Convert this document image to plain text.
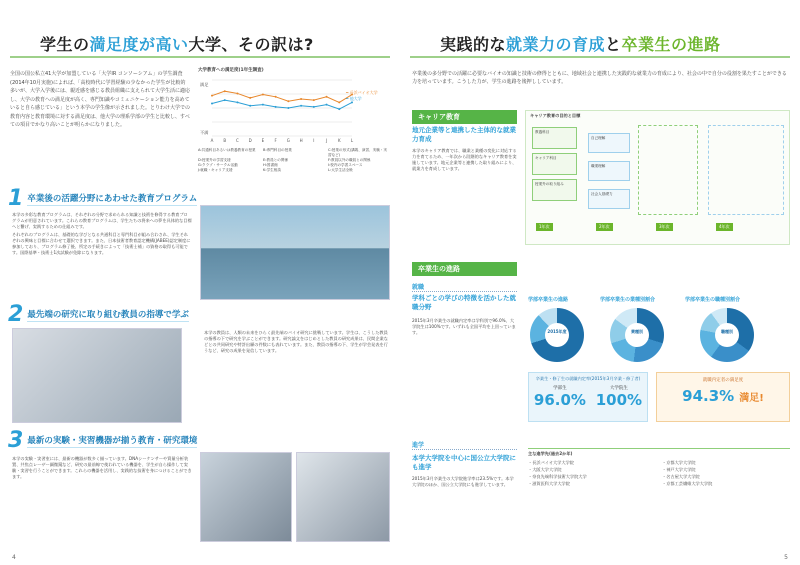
学生の満足度が高い大学、その訳は?
全国の国公私立41大学が加盟している「大学IR コンソーシアム」の学生調査(2014年10月実施)によれば、「高校時代に学習経験の少なかった学生が比較的多いが、大学入学後には、親近感を感じる教員組織に支えられて大学生活に適応し、大学の教育への満足度が高く、専門知識やコミュニケーション能力を高めていると自ら感じている」という本学の学生像が示されました。とりわけ大学での教育内容と教育環境に対する満足度は、他大学の理系学部の学生と比較し、すべての項目でかなり高いことが明らかになりました。
大学教育への満足度(1年生調査)
A B C D E	F	G H	I	J	K	L
満足
不満
━ 長浜バイオ大学
━ 他大学
A:共通科目あるいは教養教育の授業	B:専門科目の授業	C:授業の形式(講義、演習、実験・実習など)
D:授業外の学習支援	E:教員との関係	F:教員以外の職員との関係
G:クラブ・サークル活動	H:図書館	I:校内の学習スペース
J:就職・キャリア支援	K:学生相談	L:大学生活全般
1 卒業後の活躍分野にあわせた教育プログラム

本学の多彩な教育プログラムは、それぞれの分野で求められる知識と技術を修得する教育プログラムが用意されています。これらの教育プログラムは、学生たちの将来への夢を具体的な目標へと繋げ、実践するための仕組みです。

それぞれのプログラムは、基礎的な学びとなる共通科目と専門科目が組み合わされ、学生それぞれの興味と目標に合わせて選択できます。また、日本技術者教育認定機構(JABEE)認定制度に参加しており、プログラム修了後、所定の手続きによって「技術士補」の資格の取得も可能です。国際基準・技術士1次試験が免除になります。

2 最先端の研究に取り組む教員の指導で学ぶ
本学の教員は、人類の未来をひらく最先端のバイオ研究に挑戦しています。学生は、こうした教員の指導の下で研究を学ぶことができます。研究論文をはじめとした教員の研究成果は、民間企業などとの共同研究や特許出願の件数にも表れています。また、教員の指導の下、学生が学会発表を行うなど、研究の成果を発信しています。
3 最新の実験・実習機器が揃う教育・研究環境
本学の実験・実習室には、最新の機器が数多く揃っています。DNAシーケンサーや質量分析装置、共焦点レーザー顕微鏡など、研究の最前線で使われている機器を、学生が自ら操作して実験・実習を行うことができます。これらの機器を活用し、実践的な技術を身につけることができます。
4
実践的な就業力の育成と卒業生の進路
卒業後の多分野での活躍に必要なバイオの知識と技術の修得とともに、地域社会と連携した実践的な就業力の育成により、社会の中で自分の役割を果たすことができる力を培っています。こうした力が、学生の進路を後押ししています。
キャリア教育
地元企業等と連携した主体的な就業力育成
本学のキャリア教育では、職業と業種の変化に対応する力を育てるため、一年次から段階的なキャリア教育を実施しています。地元企業等と連携した取り組みにより、就業力を育成しています。
キャリア教育の目的と目標
教養科目
キャリア科目
授業外の取り組み
自己理解
職業理解
社会人基礎力
1年次	2年次	3年次	4年次
卒業生の進路
就職
学科ごとの学びの特徴を活かした就職分野
2015年3月卒業生の就職内定率は学科別で96.0%、大学院生は100%です。いずれも全国平均を上回っています。
学部卒業生の進路
2015年度
学部卒業生の業種別割合
業種別
学部卒業生の職種別割合
職種別
卒業生・修了生の就職内定率(2015年3月卒業・修了者)
学部生
96.0%
大学院生
100%
就職内定者の満足度
94.3% 満足!
進学
本学大学院を中心に国公立大学院にも進学
2015年3月卒業生の大学院進学率は23.5%です。本学大学院のほか、国公立大学院にも進学しています。
主な進学先(過去2か年)
・長浜バイオ大学大学院	・京都大学大学院
・大阪大学大学院	・神戸大学大学院
・奈良先端科学技術大学院大学	・名古屋大学大学院
・滋賀医科大学大学院	・京都工芸繊維大学大学院
5
